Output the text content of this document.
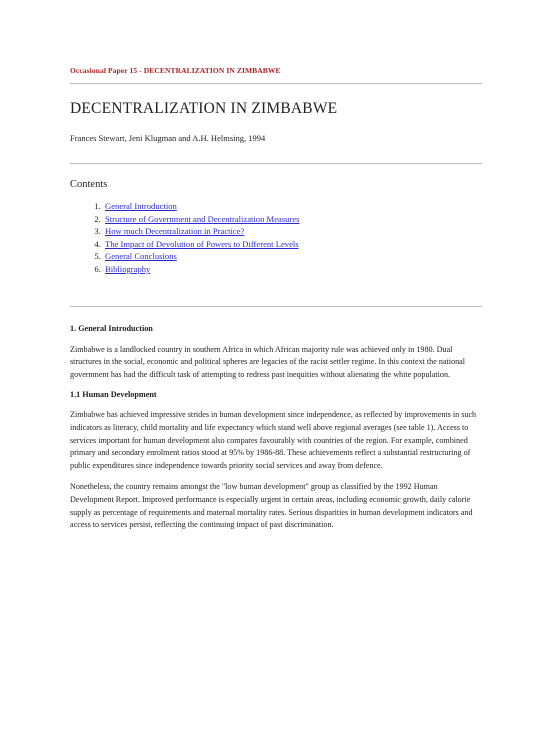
Occasional Paper 15 - DECENTRALIZATION IN ZIMBABWE
DECENTRALIZATION IN ZIMBABWE
Frances Stewart, Jeni Klugman and A.H. Helmsing, 1994
Contents
1. General Introduction
2. Structure of Government and Decentralization Measures
3. How much Decentralization in Practice?
4. The Impact of Devolution of Powers to Different Levels
5. General Conclusions
6. Bibliography
1. General Introduction

Zimbabwe is a landlocked country in southern Africa in which African majority rule was achieved only in 1980. Dual structures in the social, economic and political spheres are legacies of the racist settler regime. In this context the national government has had the difficult task of attempting to redress past inequities without alienating the white population.

1.1 Human Development

Zimbabwe has achieved impressive strides in human development since independence, as reflected by improvements in such indicators as literacy, child mortality and life expectancy which stand well above regional averages (see table 1). Access to services important for human development also compares favourably with countries of the region. For example, combined primary and secondary enrolment ratios stood at 95% by 1986-88. These achievements reflect a substantial restructuring of public expenditures since independence towards priority social services and away from defence.

Nonetheless, the country remains amongst the "low human development" group as classified by the 1992 Human Development Report. Improved performance is especially urgent in certain areas, including economic growth, daily calorie supply as percentage of requirements and maternal mortality rates. Serious disparities in human development indicators and access to services persist, reflecting the continuing impact of past discrimination.
